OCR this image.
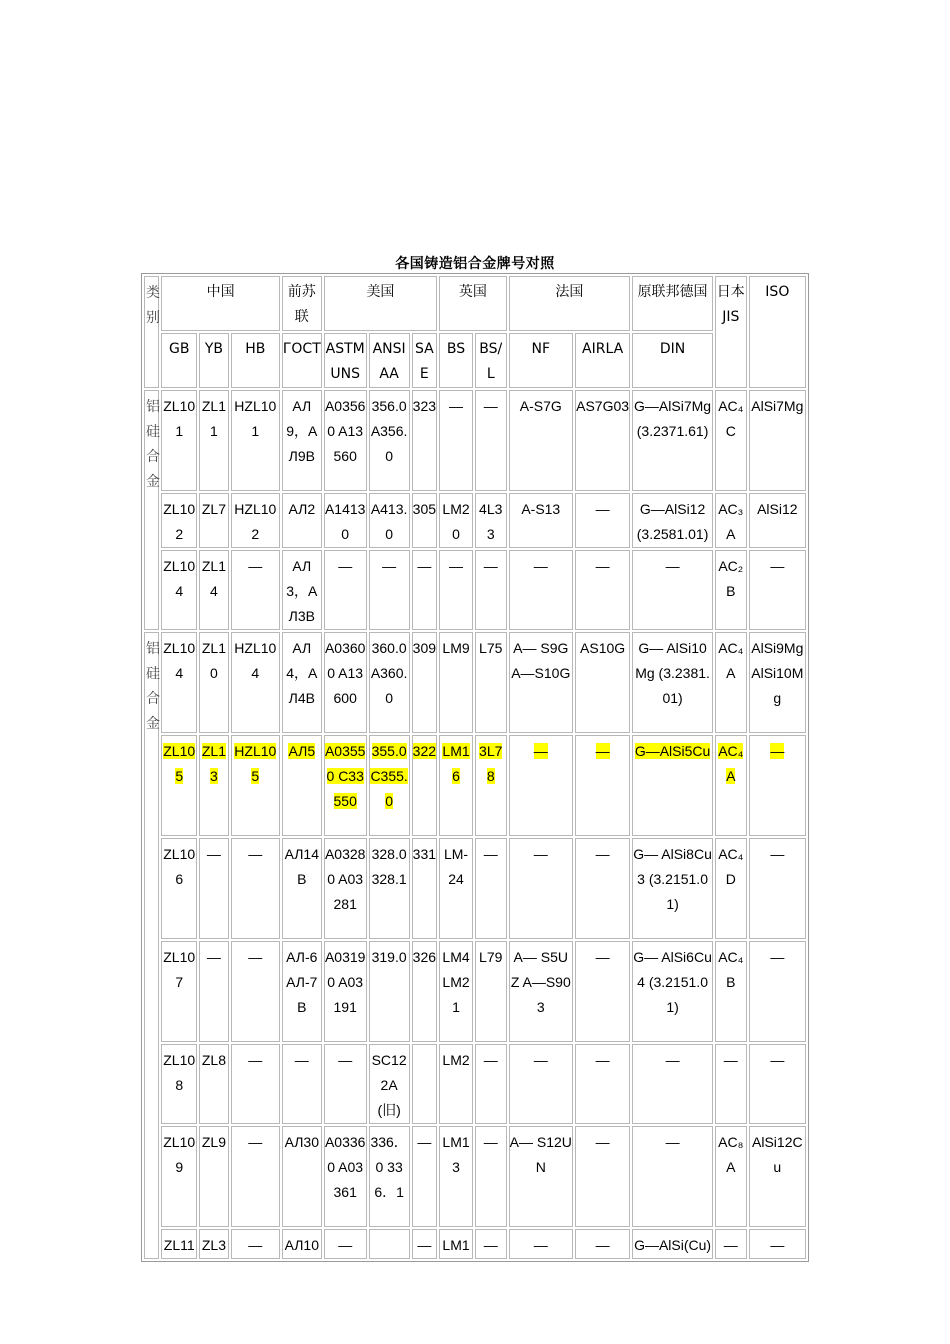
各国铸造铝合金牌号对照
类别	中国			前苏联	美国			英国		法国		原联邦德国	日本JIS	ISO
	GB	YB	HB	ГОСТ	ASTM UNS	ANSI AA	SAE	BS	BS/L	NF	AIRLA	DIN		
铝硅合金	ZL101	ZL11	HZL101	АЛ9，АЛ9В	A03560 A13560	356.0 A356.0	323	—	—	A-S7G	AS7G03	G—AlSi7Mg (3.2371.61)	AC₄C	AlSi7Mg
	ZL102	ZL7	HZL102	АЛ2	A14130	A413.0	305	LM20	4L33	A-S13	—	G—AlSi12 (3.2581.01)	AC₃A	AlSi12
	ZL104	ZL14	—	АЛ3，АЛ3В	—	—	—	—	—	—	—	—	AC₂B	—
铝硅合金	ZL104	ZL10	HZL104	АЛ4，АЛ4В	A03600 A13600	360.0 A360.0	309	LM9	L75	A— S9G A—S10G	AS10G	G— AlSi10Mg (3.2381.01)	AC₄A	AlSi9Mg AlSi10Mg
	ZL105	ZL13	HZL105	АЛ5	A03550 C33550	355.0 C355.0	322	LM16	3L78	—	—	G—AlSi5Cu	AC₄A	—
	ZL106	—	—	АЛ14В	A03280 A03281	328.0 328.1	331	LM-24	—	—	—	G— AlSi8Cu3 (3.2151.01)	AC₄D	—
	ZL107	—	—	АЛ-6 АЛ-7В	A03190 A03191	319.0	326	LM4 LM21	L79	A— S5UZ A—S903	—	G— AlSi6Cu4 (3.2151.01)	AC₄B	—
	ZL108	ZL8	—	—	—	SC122A (旧)		LM2	—	—	—	—	—	—
	ZL109	ZL9	—	АЛ30	A03360 A03361	336．0 336．1	—	LM13	—	A— S12UN	—	—	AC₈A	AlSi12Cu
	ZL11	ZL3	—	АЛ10	—		—	LM1	—	—	—	G—AlSi(Cu)	—	—
